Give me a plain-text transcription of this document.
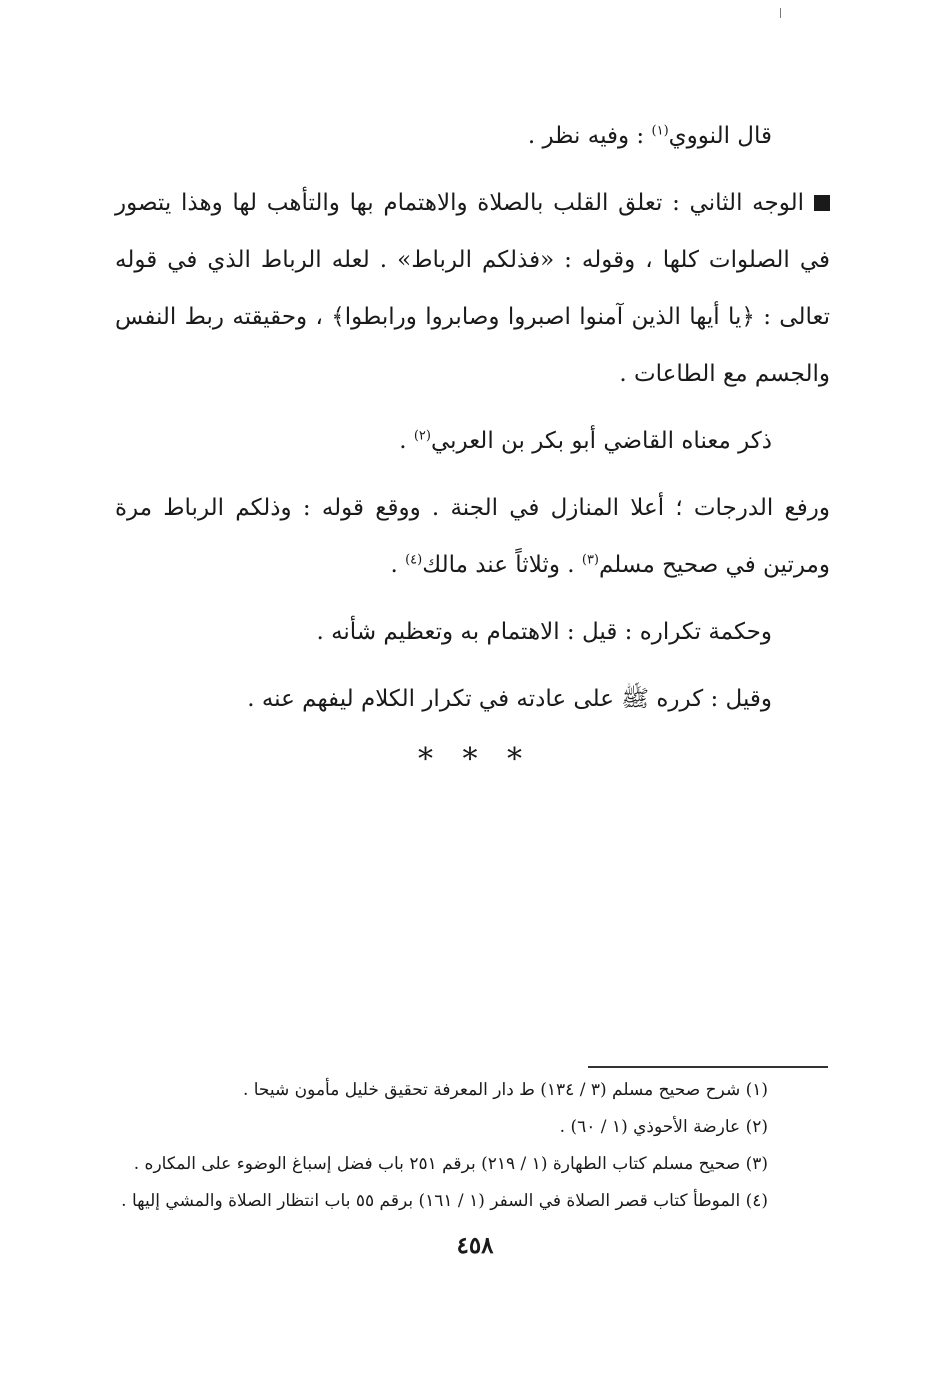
قال النووي$^{(١)}$ : وفيه نظر .

الوجه الثاني : تعلق القلب بالصلاة والاهتمام بها والتأهب لها وهذا يتصور في الصلوات كلها ، وقوله : «فذلكم الرباط» . لعله الرباط الذي في قوله تعالى : ﴿يا أيها الذين آمنوا اصبروا وصابروا ورابطوا﴾ ، وحقيقته ربط النفس والجسم مع الطاعات .

ذكر معناه القاضي أبو بكر بن العربي$^{(٢)}$ .

ورفع الدرجات ؛ أعلا المنازل في الجنة . ووقع قوله : وذلكم الرباط مرة ومرتين في صحيح مسلم$^{(٣)}$ . وثلاثاً عند مالك$^{(٤)}$ .

وحكمة تكراره : قيل : الاهتمام به وتعظيم شأنه .

وقيل : كرره ﷺ على عادته في تكرار الكلام ليفهم عنه .

* * *
(١) شرح صحيح مسلم (٣ / ١٣٤) ط دار المعرفة تحقيق خليل مأمون شيحا .
(٢) عارضة الأحوذي (١ / ٦٠) .
(٣) صحيح مسلم كتاب الطهارة (١ / ٢١٩) برقم ٢٥١ باب فضل إسباغ الوضوء على المكاره .
(٤) الموطأ كتاب قصر الصلاة في السفر (١ / ١٦١) برقم ٥٥ باب انتظار الصلاة والمشي إليها .
٤٥٨
